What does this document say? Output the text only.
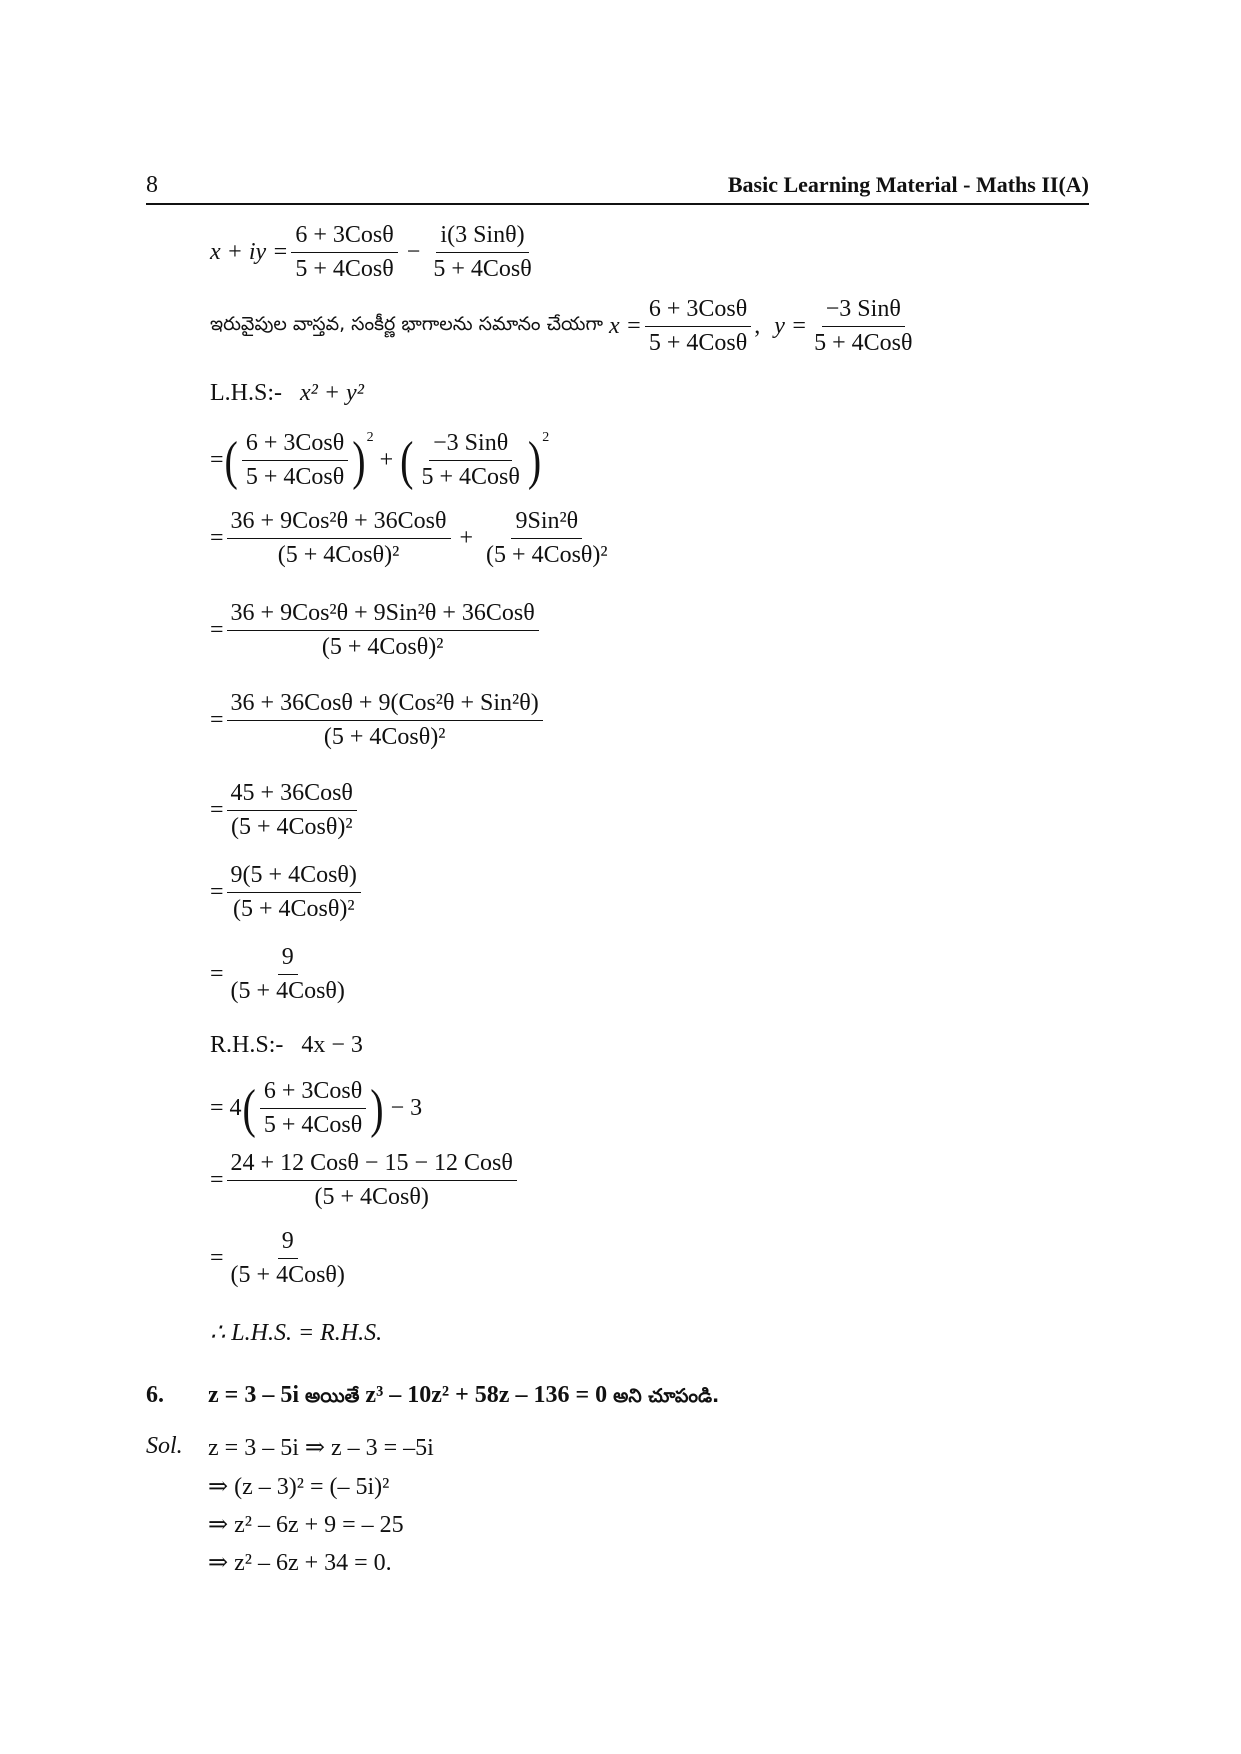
8	Basic Learning Material - Maths II(A)
x + iy = $\frac{\text{6 + 3Cosθ}}{\text{5 + 4Cosθ}} - \frac{\text{i(3 Sinθ)}}{\text{5 + 4Cosθ}}$
ఇరువైపుల వాస్తవ, సంకీర్ణ భాగాలను సమానం చేయగా $x = \frac{\text{6 + 3Cosθ}}{\text{5 + 4Cosθ}}$ , $y = \frac{\text{−3 Sinθ}}{\text{5 + 4Cosθ}}$
L.H.S:- x² + y²
= ( $\frac{\text{6 + 3Cosθ}}{\text{5 + 4Cosθ}}$ ) 2
+ ( $\frac{\text{−3 Sinθ}}{\text{5 + 4Cosθ}}$ ) 2
= $\frac{\text{36 + 9Cos²θ + 36Cosθ}}{\text{(5 + 4Cosθ)²}} + \frac{\text{9Sin²θ}}{\text{(5 + 4Cosθ)²}}$
= $\frac{\text{36 + 9Cos²θ + 9Sin²θ + 36Cosθ}}{\text{(5 + 4Cosθ)²}}$
= $\frac{\text{36 + 36Cosθ + 9(Cos²θ + Sin²θ)}}{\text{(5 + 4Cosθ)²}}$
= $\frac{\text{45 + 36Cosθ}}{\text{(5 + 4Cosθ)²}}$
= $\frac{\text{9(5 + 4Cosθ)}}{\text{(5 + 4Cosθ)²}}$
= $\frac{9}{\text{(5 + 4Cosθ)}}$
R.H.S:- 4x − 3
= 4 ( $\frac{\text{6 + 3Cosθ}}{\text{5 + 4Cosθ}}$ ) − 3
= $\frac{\text{24 + 12 Cosθ − 15 − 12 Cosθ}}{\text{(5 + 4Cosθ)}}$
= $\frac{9}{\text{(5 + 4Cosθ)}}$
∴ L.H.S. = R.H.S.
6. z = 3 – 5i అయితే z³ – 10z² + 58z – 136 = 0 అని చూపండి.
Sol. z = 3 – 5i ⇒ z – 3 = –5i
⇒ (z – 3)² = (– 5i)²
⇒ z² – 6z + 9 = – 25
⇒ z² – 6z + 34 = 0.
